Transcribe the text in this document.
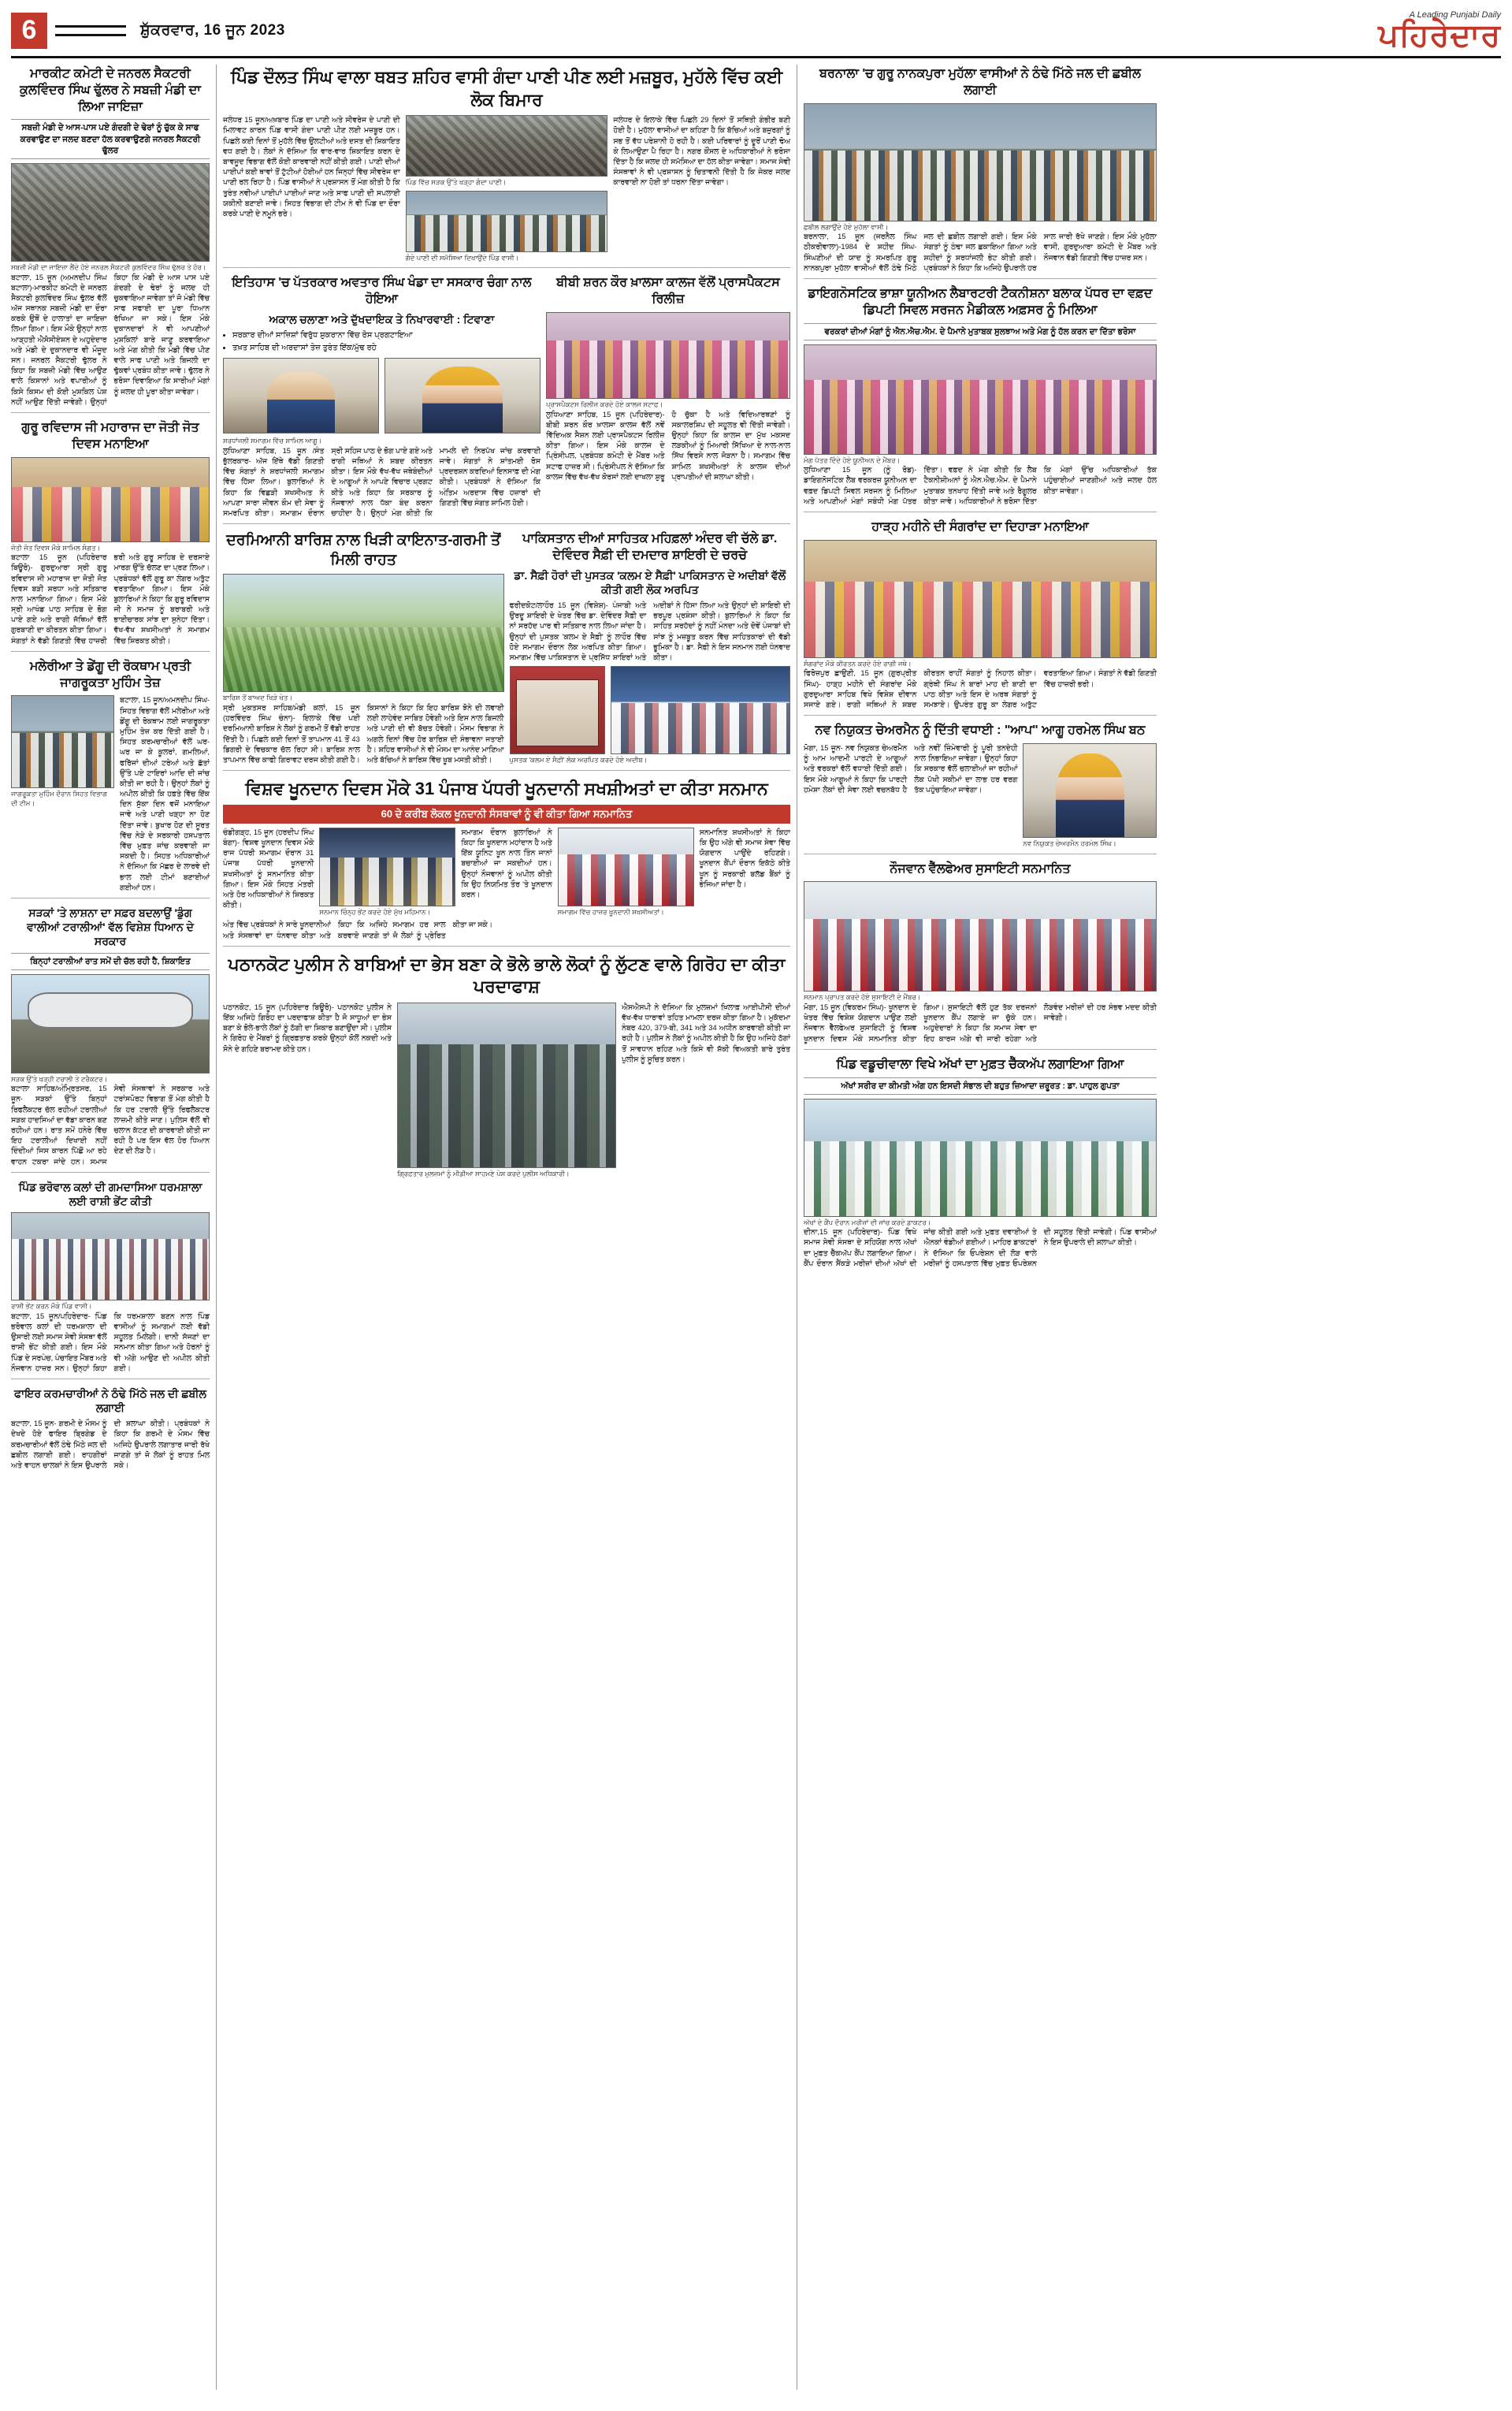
6	ਸ਼ੁੱਕਰਵਾਰ, 16 ਜੂਨ 2023
A Leading Punjabi Daily
ਪਹਿਰੇਦਾਰ
ਮਾਰਕੀਟ ਕਮੇਟੀ ਦੇ ਜਨਰਲ ਸੈਕਟਰੀ ਕੁਲਵਿੰਦਰ ਸਿੰਘ ਢੁੱਲਰ ਨੇ ਸਬਜ਼ੀ ਮੰਡੀ ਦਾ ਲਿਆ ਜਾਇਜ਼ਾ
ਸਬਜ਼ੀ ਮੰਡੀ ਦੇ ਆਸ-ਪਾਸ ਪਏ ਗੰਦਗੀ ਦੇ ਢੇਰਾਂ ਨੂੰ ਚੁੱਕ ਕੇ ਸਾਫ ਕਰਵਾਉਣ ਦਾ ਜਲਦ ਬਣਦਾ ਹੱਲ ਕਰਵਾਉਣਗੇ ਜਨਰਲ ਸੈਕਟਰੀ ਢੁੱਲਰ
ਸਬਜ਼ੀ ਮੰਡੀ ਦਾ ਜਾਇਜ਼ਾ ਲੈਂਦੇ ਹੋਏ ਜਨਰਲ ਸੈਕਟਰੀ ਕੁਲਵਿੰਦਰ ਸਿੰਘ ਢੁੱਲਰ ਤੇ ਹੋਰ।
ਬਟਾਲਾ, 15 ਜੂਨ (ਅਮਨਦੀਪ ਸਿੰਘ ਬਟਾਲਾ)-ਮਾਰਕੀਟ ਕਮੇਟੀ ਦੇ ਜਨਰਲ ਸੈਕਟਰੀ ਕੁਲਵਿੰਦਰ ਸਿੰਘ ਢੁੱਲਰ ਵੱਲੋਂ ਅੱਜ ਸਥਾਨਕ ਸਬਜ਼ੀ ਮੰਡੀ ਦਾ ਦੌਰਾ ਕਰਕੇ ਉਥੋਂ ਦੇ ਹਾਲਾਤਾਂ ਦਾ ਜਾਇਜ਼ਾ ਲਿਆ ਗਿਆ। ਇਸ ਮੌਕੇ ਉਨ੍ਹਾਂ ਨਾਲ ਆੜ੍ਹਤੀ ਐਸੋਸੀਏਸ਼ਨ ਦੇ ਅਹੁਦੇਦਾਰ ਅਤੇ ਮੰਡੀ ਦੇ ਦੁਕਾਨਦਾਰ ਵੀ ਮੌਜੂਦ ਸਨ। ਜਨਰਲ ਸੈਕਟਰੀ ਢੁੱਲਰ ਨੇ ਕਿਹਾ ਕਿ ਸਬਜ਼ੀ ਮੰਡੀ ਵਿੱਚ ਆਉਣ ਵਾਲੇ ਕਿਸਾਨਾਂ ਅਤੇ ਵਪਾਰੀਆਂ ਨੂੰ ਕਿਸੇ ਕਿਸਮ ਦੀ ਕੋਈ ਮੁਸ਼ਕਿਲ ਪੇਸ਼ ਨਹੀਂ ਆਉਣ ਦਿੱਤੀ ਜਾਵੇਗੀ। ਉਨ੍ਹਾਂ ਕਿਹਾ ਕਿ ਮੰਡੀ ਦੇ ਆਸ ਪਾਸ ਪਏ ਗੰਦਗੀ ਦੇ ਢੇਰਾਂ ਨੂੰ ਜਲਦ ਹੀ ਚੁਕਵਾਇਆ ਜਾਵੇਗਾ ਤਾਂ ਜੋ ਮੰਡੀ ਵਿੱਚ ਸਾਫ ਸਫਾਈ ਦਾ ਪੂਰਾ ਧਿਆਨ ਰੱਖਿਆ ਜਾ ਸਕੇ। ਇਸ ਮੌਕੇ ਦੁਕਾਨਦਾਰਾਂ ਨੇ ਵੀ ਆਪਣੀਆਂ ਮੁਸ਼ਕਿਲਾਂ ਬਾਰੇ ਜਾਣੂ ਕਰਵਾਇਆ ਅਤੇ ਮੰਗ ਕੀਤੀ ਕਿ ਮੰਡੀ ਵਿੱਚ ਪੀਣ ਵਾਲੇ ਸਾਫ ਪਾਣੀ ਅਤੇ ਬਿਜਲੀ ਦਾ ਢੁੱਕਵਾਂ ਪ੍ਰਬੰਧ ਕੀਤਾ ਜਾਵੇ। ਢੁੱਲਰ ਨੇ ਭਰੋਸਾ ਦਿਵਾਇਆ ਕਿ ਸਾਰੀਆਂ ਮੰਗਾਂ ਨੂੰ ਜਲਦ ਹੀ ਪੂਰਾ ਕੀਤਾ ਜਾਵੇਗਾ।
ਗੁਰੂ ਰਵਿਦਾਸ ਜੀ ਮਹਾਰਾਜ ਦਾ ਜੋਤੀ ਜੋਤ ਦਿਵਸ ਮਨਾਇਆ
ਜੋਤੀ ਜੋਤ ਦਿਵਸ ਮੌਕੇ ਸ਼ਾਮਿਲ ਸੰਗਤ।
ਬਟਾਲਾ 15 ਜੂਨ (ਪਹਿਰੇਦਾਰ ਬਿਊਰੋ)- ਗੁਰਦੁਆਰਾ ਸ੍ਰੀ ਗੁਰੂ ਰਵਿਦਾਸ ਜੀ ਮਹਾਰਾਜ ਦਾ ਜੋਤੀ ਜੋਤ ਦਿਵਸ ਬੜੀ ਸ਼ਰਧਾ ਅਤੇ ਸਤਿਕਾਰ ਨਾਲ ਮਨਾਇਆ ਗਿਆ। ਇਸ ਮੌਕੇ ਸ੍ਰੀ ਆਖੰਡ ਪਾਠ ਸਾਹਿਬ ਦੇ ਭੋਗ ਪਾਏ ਗਏ ਅਤੇ ਰਾਗੀ ਜੱਥਿਆਂ ਵੱਲੋਂ ਗੁਰਬਾਣੀ ਦਾ ਕੀਰਤਨ ਕੀਤਾ ਗਿਆ। ਸੰਗਤਾਂ ਨੇ ਵੱਡੀ ਗਿਣਤੀ ਵਿੱਚ ਹਾਜ਼ਰੀ ਭਰੀ ਅਤੇ ਗੁਰੂ ਸਾਹਿਬ ਦੇ ਦਰਸਾਏ ਮਾਰਗ ਉੱਤੇ ਚੱਲਣ ਦਾ ਪ੍ਰਣ ਲਿਆ। ਪ੍ਰਬੰਧਕਾਂ ਵੱਲੋਂ ਗੁਰੂ ਕਾ ਲੰਗਰ ਅਤੁੱਟ ਵਰਤਾਇਆ ਗਿਆ। ਇਸ ਮੌਕੇ ਬੁਲਾਰਿਆਂ ਨੇ ਕਿਹਾ ਕਿ ਗੁਰੂ ਰਵਿਦਾਸ ਜੀ ਨੇ ਸਮਾਜ ਨੂੰ ਬਰਾਬਰੀ ਅਤੇ ਭਾਈਚਾਰਕ ਸਾਂਝ ਦਾ ਸੁਨੇਹਾ ਦਿੱਤਾ। ਵੱਖ-ਵੱਖ ਸ਼ਖਸੀਅਤਾਂ ਨੇ ਸਮਾਗਮ ਵਿੱਚ ਸ਼ਿਰਕਤ ਕੀਤੀ।
ਮਲੇਰੀਆ ਤੇ ਡੇਂਗੂ ਦੀ ਰੋਕਥਾਮ ਪ੍ਰਤੀ ਜਾਗਰੂਕਤਾ ਮੁਹਿੰਮ ਤੇਜ਼
ਜਾਗਰੂਕਤਾ ਮੁਹਿੰਮ ਦੌਰਾਨ ਸਿਹਤ ਵਿਭਾਗ ਦੀ ਟੀਮ।
ਬਟਾਲਾ, 15 ਜੂਨ/ਅਮਨਦੀਪ ਸਿੰਘ- ਸਿਹਤ ਵਿਭਾਗ ਵੱਲੋਂ ਮਲੇਰੀਆ ਅਤੇ ਡੇਂਗੂ ਦੀ ਰੋਕਥਾਮ ਲਈ ਜਾਗਰੂਕਤਾ ਮੁਹਿੰਮ ਤੇਜ਼ ਕਰ ਦਿੱਤੀ ਗਈ ਹੈ। ਸਿਹਤ ਕਰਮਚਾਰੀਆਂ ਵੱਲੋਂ ਘਰ-ਘਰ ਜਾ ਕੇ ਕੂਲਰਾਂ, ਗਮਲਿਆਂ, ਫਰਿੱਜਾਂ ਦੀਆਂ ਟਰੇਆਂ ਅਤੇ ਛੱਤਾਂ ਉੱਤੇ ਪਏ ਟਾਇਰਾਂ ਆਦਿ ਦੀ ਜਾਂਚ ਕੀਤੀ ਜਾ ਰਹੀ ਹੈ। ਉਨ੍ਹਾਂ ਲੋਕਾਂ ਨੂੰ ਅਪੀਲ ਕੀਤੀ ਕਿ ਹਫ਼ਤੇ ਵਿੱਚ ਇੱਕ ਦਿਨ ਸੁੱਕਾ ਦਿਨ ਵਜੋਂ ਮਨਾਇਆ ਜਾਵੇ ਅਤੇ ਪਾਣੀ ਖੜ੍ਹਾ ਨਾ ਹੋਣ ਦਿੱਤਾ ਜਾਵੇ। ਬੁਖਾਰ ਹੋਣ ਦੀ ਸੂਰਤ ਵਿੱਚ ਨੇੜੇ ਦੇ ਸਰਕਾਰੀ ਹਸਪਤਾਲ ਵਿੱਚ ਮੁਫ਼ਤ ਜਾਂਚ ਕਰਵਾਈ ਜਾ ਸਕਦੀ ਹੈ। ਸਿਹਤ ਅਧਿਕਾਰੀਆਂ ਨੇ ਦੱਸਿਆ ਕਿ ਮੱਛਰ ਦੇ ਲਾਰਵੇ ਦੀ ਭਾਲ ਲਈ ਟੀਮਾਂ ਬਣਾਈਆਂ ਗਈਆਂ ਹਨ।
ਸੜਕਾਂ 'ਤੇ ਲਾਸ਼ਨਾ ਦਾ ਸਫ਼ਰ ਬਦਲਾਉਂ 'ਡੁੰਗ ਵਾਲੀਆਂ ਟਰਾਲੀਆਂ' ਵੱਲ ਵਿਸ਼ੇਸ਼ ਧਿਆਨ ਦੇ ਸਰਕਾਰ
ਬਿਨ੍ਹਾਂ ਟਰਾਲੀਆਂ ਰਾਤ ਸਮੇਂ ਦੀ ਚੱਲ ਰਹੀ ਹੈ, ਸ਼ਿਕਾਇਤ
ਸੜਕ ਉੱਤੇ ਖੜ੍ਹੀ ਟਰਾਲੀ ਤੇ ਟਰੈਕਟਰ।
ਬਟਾਲਾ ਸਾਹਿਬ/ਅੰਮ੍ਰਿਤਸਰ, 15 ਜੂਨ- ਸੜਕਾਂ ਉੱਤੇ ਬਿਨ੍ਹਾਂ ਰਿਫਲੈਕਟਰ ਚੱਲ ਰਹੀਆਂ ਟਰਾਲੀਆਂ ਸੜਕ ਹਾਦਸਿਆਂ ਦਾ ਵੱਡਾ ਕਾਰਨ ਬਣ ਰਹੀਆਂ ਹਨ। ਰਾਤ ਸਮੇਂ ਹਨੇਰੇ ਵਿੱਚ ਇਹ ਟਰਾਲੀਆਂ ਦਿਖਾਈ ਨਹੀਂ ਦਿੰਦੀਆਂ ਜਿਸ ਕਾਰਨ ਪਿੱਛੋਂ ਆ ਰਹੇ ਵਾਹਨ ਟਕਰਾ ਜਾਂਦੇ ਹਨ। ਸਮਾਜ ਸੇਵੀ ਸੰਸਥਾਵਾਂ ਨੇ ਸਰਕਾਰ ਅਤੇ ਟਰਾਂਸਪੋਰਟ ਵਿਭਾਗ ਤੋਂ ਮੰਗ ਕੀਤੀ ਹੈ ਕਿ ਹਰ ਟਰਾਲੀ ਉੱਤੇ ਰਿਫਲੈਕਟਰ ਲਾਜ਼ਮੀ ਕੀਤੇ ਜਾਣ। ਪੁਲਿਸ ਵੱਲੋਂ ਵੀ ਚਲਾਨ ਕੱਟਣ ਦੀ ਕਾਰਵਾਈ ਕੀਤੀ ਜਾ ਰਹੀ ਹੈ ਪਰ ਇਸ ਵੱਲ ਹੋਰ ਧਿਆਨ ਦੇਣ ਦੀ ਲੋੜ ਹੈ।
ਪਿੰਡ ਭਰੋਵਾਲ ਕਲਾਂ ਦੀ ਗਮਦਾਸਿਆ ਧਰਮਸ਼ਾਲਾ ਲਈ ਰਾਸ਼ੀ ਭੇਂਟ ਕੀਤੀ
ਰਾਸ਼ੀ ਭੇਂਟ ਕਰਨ ਮੌਕੇ ਪਿੰਡ ਵਾਸੀ।
ਬਟਾਲਾ, 15 ਜੂਨ/ਪਹਿਰੇਦਾਰ- ਪਿੰਡ ਭਰੋਵਾਲ ਕਲਾਂ ਦੀ ਧਰਮਸ਼ਾਲਾ ਦੀ ਉਸਾਰੀ ਲਈ ਸਮਾਜ ਸੇਵੀ ਸੰਸਥਾ ਵੱਲੋਂ ਰਾਸ਼ੀ ਭੇਂਟ ਕੀਤੀ ਗਈ। ਇਸ ਮੌਕੇ ਪਿੰਡ ਦੇ ਸਰਪੰਚ, ਪੰਚਾਇਤ ਮੈਂਬਰ ਅਤੇ ਨੌਜਵਾਨ ਹਾਜ਼ਰ ਸਨ। ਉਨ੍ਹਾਂ ਕਿਹਾ ਕਿ ਧਰਮਸ਼ਾਲਾ ਬਣਨ ਨਾਲ ਪਿੰਡ ਵਾਸੀਆਂ ਨੂੰ ਸਮਾਗਮਾਂ ਲਈ ਵੱਡੀ ਸਹੂਲਤ ਮਿਲੇਗੀ। ਦਾਨੀ ਸੱਜਣਾਂ ਦਾ ਸਨਮਾਨ ਕੀਤਾ ਗਿਆ ਅਤੇ ਹੋਰਨਾਂ ਨੂੰ ਵੀ ਅੱਗੇ ਆਉਣ ਦੀ ਅਪੀਲ ਕੀਤੀ ਗਈ।
ਫਾਇਰ ਕਰਮਚਾਰੀਆਂ ਨੇ ਠੰਢੇ ਮਿੱਠੇ ਜਲ ਦੀ ਛਬੀਲ ਲਗਾਈ
ਬਟਾਲਾ, 15 ਜੂਨ- ਗਰਮੀ ਦੇ ਮੌਸਮ ਨੂੰ ਦੇਖਦੇ ਹੋਏ ਫਾਇਰ ਬ੍ਰਿਗੇਡ ਦੇ ਕਰਮਚਾਰੀਆਂ ਵੱਲੋਂ ਠੰਢੇ ਮਿੱਠੇ ਜਲ ਦੀ ਛਬੀਲ ਲਗਾਈ ਗਈ। ਰਾਹਗੀਰਾਂ ਅਤੇ ਵਾਹਨ ਚਾਲਕਾਂ ਨੇ ਇਸ ਉਪਰਾਲੇ ਦੀ ਸ਼ਲਾਘਾ ਕੀਤੀ। ਪ੍ਰਬੰਧਕਾਂ ਨੇ ਕਿਹਾ ਕਿ ਗਰਮੀ ਦੇ ਮੌਸਮ ਵਿੱਚ ਅਜਿਹੇ ਉਪਰਾਲੇ ਲਗਾਤਾਰ ਜਾਰੀ ਰੱਖੇ ਜਾਣਗੇ ਤਾਂ ਜੋ ਲੋਕਾਂ ਨੂੰ ਰਾਹਤ ਮਿਲ ਸਕੇ।
ਪਿੰਡ ਦੌਲਤ ਸਿੰਘ ਵਾਲਾ ਥਬਤ ਸ਼ਹਿਰ ਵਾਸੀ ਗੰਦਾ ਪਾਣੀ ਪੀਣ ਲਈ ਮਜ਼ਬੂਰ, ਮੁਹੱਲੇ ਵਿੱਚ ਕਈ ਲੋਕ ਬਿਮਾਰ
ਜਲੰਧਰ 15 ਜੂਨ/ਅਖ਼ਬਾਰ ਪਿੰਡ ਦਾ ਪਾਣੀ ਅਤੇ ਸੀਵਰੇਜ ਦੇ ਪਾਣੀ ਦੀ ਮਿਲਾਵਟ ਕਾਰਨ ਪਿੰਡ ਵਾਸੀ ਗੰਦਾ ਪਾਣੀ ਪੀਣ ਲਈ ਮਜ਼ਬੂਰ ਹਨ। ਪਿਛਲੇ ਕਈ ਦਿਨਾਂ ਤੋਂ ਮੁਹੱਲੇ ਵਿੱਚ ਉਲਟੀਆਂ ਅਤੇ ਦਸਤ ਦੀ ਸ਼ਿਕਾਇਤ ਵਧ ਗਈ ਹੈ। ਲੋਕਾਂ ਨੇ ਦੱਸਿਆ ਕਿ ਵਾਰ-ਵਾਰ ਸ਼ਿਕਾਇਤ ਕਰਨ ਦੇ ਬਾਵਜੂਦ ਵਿਭਾਗ ਵੱਲੋਂ ਕੋਈ ਕਾਰਵਾਈ ਨਹੀਂ ਕੀਤੀ ਗਈ। ਪਾਣੀ ਦੀਆਂ ਪਾਈਪਾਂ ਕਈ ਥਾਵਾਂ ਤੋਂ ਟੁੱਟੀਆਂ ਹੋਈਆਂ ਹਨ ਜਿਨ੍ਹਾਂ ਵਿੱਚ ਸੀਵਰੇਜ ਦਾ ਪਾਣੀ ਰਲ ਰਿਹਾ ਹੈ। ਪਿੰਡ ਵਾਸੀਆਂ ਨੇ ਪ੍ਰਸ਼ਾਸਨ ਤੋਂ ਮੰਗ ਕੀਤੀ ਹੈ ਕਿ ਤੁਰੰਤ ਨਵੀਆਂ ਪਾਈਪਾਂ ਪਾਈਆਂ ਜਾਣ ਅਤੇ ਸਾਫ ਪਾਣੀ ਦੀ ਸਪਲਾਈ ਯਕੀਨੀ ਬਣਾਈ ਜਾਵੇ। ਸਿਹਤ ਵਿਭਾਗ ਦੀ ਟੀਮ ਨੇ ਵੀ ਪਿੰਡ ਦਾ ਦੌਰਾ ਕਰਕੇ ਪਾਣੀ ਦੇ ਨਮੂਨੇ ਭਰੇ।
ਪਿੰਡ ਵਿੱਚ ਸੜਕ ਉੱਤੇ ਖੜ੍ਹਾ ਗੰਦਾ ਪਾਣੀ।
ਗੰਦੇ ਪਾਣੀ ਦੀ ਸਮੱਸਿਆ ਦਿਖਾਉਂਦੇ ਪਿੰਡ ਵਾਸੀ।
ਜਲੰਧਰ ਦੇ ਇਲਾਕੇ ਵਿੱਚ ਪਿਛਲੇ 29 ਦਿਨਾਂ ਤੋਂ ਸਥਿਤੀ ਗੰਭੀਰ ਬਣੀ ਹੋਈ ਹੈ। ਮੁਹੱਲਾ ਵਾਸੀਆਂ ਦਾ ਕਹਿਣਾ ਹੈ ਕਿ ਬੱਚਿਆਂ ਅਤੇ ਬਜ਼ੁਰਗਾਂ ਨੂੰ ਸਭ ਤੋਂ ਵੱਧ ਪਰੇਸ਼ਾਨੀ ਹੋ ਰਹੀ ਹੈ। ਕਈ ਪਰਿਵਾਰਾਂ ਨੂੰ ਦੂਰੋਂ ਪਾਣੀ ਢੋਅ ਕੇ ਲਿਆਉਣਾ ਪੈ ਰਿਹਾ ਹੈ। ਨਗਰ ਕੌਂਸਲ ਦੇ ਅਧਿਕਾਰੀਆਂ ਨੇ ਭਰੋਸਾ ਦਿੱਤਾ ਹੈ ਕਿ ਜਲਦ ਹੀ ਸਮੱਸਿਆ ਦਾ ਹੱਲ ਕੀਤਾ ਜਾਵੇਗਾ। ਸਮਾਜ ਸੇਵੀ ਸੰਸਥਾਵਾਂ ਨੇ ਵੀ ਪ੍ਰਸ਼ਾਸਨ ਨੂੰ ਚਿਤਾਵਨੀ ਦਿੱਤੀ ਹੈ ਕਿ ਜੇਕਰ ਜਲਦ ਕਾਰਵਾਈ ਨਾ ਹੋਈ ਤਾਂ ਧਰਨਾ ਦਿੱਤਾ ਜਾਵੇਗਾ।
ਇਤਿਹਾਸ 'ਚ ਪੱਤਰਕਾਰ ਅਵਤਾਰ ਸਿੰਘ ਖੰਡਾ ਦਾ ਸਸਕਾਰ ਚੰਗਾ ਨਾਲ ਹੋਇਆ
ਅਕਾਲ ਚਲਾਣਾ ਅਤੇ ਦੁੱਖਦਾਇਕ ਤੇ ਨਿਖਾਰਵਾਈ : ਟਿਵਾਣਾ
• ਸਰਕਾਰ ਦੀਆਂ ਸਾਜ਼ਿਸ਼ਾਂ ਵਿਰੁੱਧ ਸ਼ੁਕਰਾਨਾ ਵਿੱਚ ਰੋਸ ਪ੍ਰਗਟਾਇਆ
• ਤਖ਼ਤ ਸਾਹਿਬ ਦੀ ਅਰਦਾਸਾਂ ਤੇਜ਼ ਤੁਰੰਤ ਇੱਕ/ਮੁੱਢ ਰਹੇ
ਸ਼ਰਧਾਂਜਲੀ ਸਮਾਗਮ ਵਿੱਚ ਸ਼ਾਮਿਲ ਆਗੂ।
ਲੁਧਿਆਣਾ ਸਾਹਿਬ, 15 ਜੂਨ /ਸੰਤ ਭੁੱਲਰਕਾਰ- ਅੱਜ ਇੱਥੇ ਵੱਡੀ ਗਿਣਤੀ ਵਿੱਚ ਸੰਗਤਾਂ ਨੇ ਸ਼ਰਧਾਂਜਲੀ ਸਮਾਗਮ ਵਿੱਚ ਹਿੱਸਾ ਲਿਆ। ਬੁਲਾਰਿਆਂ ਨੇ ਕਿਹਾ ਕਿ ਵਿਛੜੀ ਸ਼ਖਸੀਅਤ ਨੇ ਆਪਣਾ ਸਾਰਾ ਜੀਵਨ ਕੌਮ ਦੀ ਸੇਵਾ ਨੂੰ ਸਮਰਪਿਤ ਕੀਤਾ। ਸਮਾਗਮ ਦੌਰਾਨ ਸ੍ਰੀ ਸਹਿਜ ਪਾਠ ਦੇ ਭੋਗ ਪਾਏ ਗਏ ਅਤੇ ਰਾਗੀ ਜਥਿਆਂ ਨੇ ਸ਼ਬਦ ਕੀਰਤਨ ਕੀਤਾ। ਇਸ ਮੌਕੇ ਵੱਖ-ਵੱਖ ਜਥੇਬੰਦੀਆਂ ਦੇ ਆਗੂਆਂ ਨੇ ਆਪਣੇ ਵਿਚਾਰ ਪ੍ਰਗਟ ਕੀਤੇ ਅਤੇ ਕਿਹਾ ਕਿ ਸਰਕਾਰ ਨੂੰ ਨੌਜਵਾਨਾਂ ਨਾਲ ਧੱਕਾ ਬੰਦ ਕਰਨਾ ਚਾਹੀਦਾ ਹੈ। ਉਨ੍ਹਾਂ ਮੰਗ ਕੀਤੀ ਕਿ ਮਾਮਲੇ ਦੀ ਨਿਰਪੱਖ ਜਾਂਚ ਕਰਵਾਈ ਜਾਵੇ। ਸੰਗਤਾਂ ਨੇ ਸ਼ਾਂਤਮਈ ਰੋਸ ਪ੍ਰਦਰਸ਼ਨ ਕਰਦਿਆਂ ਇਨਸਾਫ਼ ਦੀ ਮੰਗ ਕੀਤੀ। ਪ੍ਰਬੰਧਕਾਂ ਨੇ ਦੱਸਿਆ ਕਿ ਅੰਤਿਮ ਅਰਦਾਸ ਵਿੱਚ ਹਜ਼ਾਰਾਂ ਦੀ ਗਿਣਤੀ ਵਿੱਚ ਸੰਗਤ ਸ਼ਾਮਿਲ ਹੋਈ।
ਬੀਬੀ ਸ਼ਰਨ ਕੌਰ ਖ਼ਾਲਸਾ ਕਾਲਜ ਵੱਲੋਂ ਪ੍ਰਾਸਪੈਕਟਸ ਰਿਲੀਜ਼
ਪ੍ਰਾਸਪੈਕਟਸ ਰਿਲੀਜ਼ ਕਰਦੇ ਹੋਏ ਕਾਲਜ ਸਟਾਫ।
ਲੁਧਿਆਣਾ ਸਾਹਿਬ, 15 ਜੂਨ (ਪਹਿਰੇਦਾਰ)- ਬੀਬੀ ਸ਼ਰਨ ਕੌਰ ਖ਼ਾਲਸਾ ਕਾਲਜ ਵੱਲੋਂ ਨਵੇਂ ਵਿੱਦਿਅਕ ਸੈਸ਼ਨ ਲਈ ਪ੍ਰਾਸਪੈਕਟਸ ਰਿਲੀਜ਼ ਕੀਤਾ ਗਿਆ। ਇਸ ਮੌਕੇ ਕਾਲਜ ਦੇ ਪ੍ਰਿੰਸੀਪਲ, ਪ੍ਰਬੰਧਕ ਕਮੇਟੀ ਦੇ ਮੈਂਬਰ ਅਤੇ ਸਟਾਫ ਹਾਜ਼ਰ ਸੀ। ਪ੍ਰਿੰਸੀਪਲ ਨੇ ਦੱਸਿਆ ਕਿ ਕਾਲਜ ਵਿੱਚ ਵੱਖ-ਵੱਖ ਕੋਰਸਾਂ ਲਈ ਦਾਖਲਾ ਸ਼ੁਰੂ ਹੋ ਚੁੱਕਾ ਹੈ ਅਤੇ ਵਿਦਿਆਰਥਣਾਂ ਨੂੰ ਸਕਾਲਰਸ਼ਿਪ ਦੀ ਸਹੂਲਤ ਵੀ ਦਿੱਤੀ ਜਾਵੇਗੀ। ਉਨ੍ਹਾਂ ਕਿਹਾ ਕਿ ਕਾਲਜ ਦਾ ਮੁੱਖ ਮਕਸਦ ਲੜਕੀਆਂ ਨੂੰ ਮਿਆਰੀ ਸਿੱਖਿਆ ਦੇ ਨਾਲ-ਨਾਲ ਸਿੱਖ ਵਿਰਸੇ ਨਾਲ ਜੋੜਨਾ ਹੈ। ਸਮਾਗਮ ਵਿੱਚ ਸ਼ਾਮਿਲ ਸ਼ਖਸੀਅਤਾਂ ਨੇ ਕਾਲਜ ਦੀਆਂ ਪ੍ਰਾਪਤੀਆਂ ਦੀ ਸ਼ਲਾਘਾ ਕੀਤੀ।
ਦਰਮਿਆਨੀ ਬਾਰਿਸ਼ ਨਾਲ ਖਿੜੀ ਕਾਇਨਾਤ-ਗਰਮੀ ਤੋਂ ਮਿਲੀ ਰਾਹਤ
ਬਾਰਿਸ਼ ਤੋਂ ਬਾਅਦ ਖਿੜੇ ਖੇਤ।
ਸ੍ਰੀ ਮੁਕਤਸਰ ਸਾਹਿਬ/ਮੰਡੀ ਕਲਾਂ, 15 ਜੂਨ (ਹਰਵਿੰਦਰ ਸਿੰਘ ਚੰਨਾ)- ਇਲਾਕੇ ਵਿੱਚ ਪਈ ਦਰਮਿਆਨੀ ਬਾਰਿਸ਼ ਨੇ ਲੋਕਾਂ ਨੂੰ ਗਰਮੀ ਤੋਂ ਵੱਡੀ ਰਾਹਤ ਦਿੱਤੀ ਹੈ। ਪਿਛਲੇ ਕਈ ਦਿਨਾਂ ਤੋਂ ਤਾਪਮਾਨ 41 ਤੋਂ 43 ਡਿਗਰੀ ਦੇ ਵਿਚਕਾਰ ਚੱਲ ਰਿਹਾ ਸੀ। ਬਾਰਿਸ਼ ਨਾਲ ਤਾਪਮਾਨ ਵਿੱਚ ਕਾਫੀ ਗਿਰਾਵਟ ਦਰਜ ਕੀਤੀ ਗਈ ਹੈ। ਕਿਸਾਨਾਂ ਨੇ ਕਿਹਾ ਕਿ ਇਹ ਬਾਰਿਸ਼ ਝੋਨੇ ਦੀ ਲਵਾਈ ਲਈ ਲਾਹੇਵੰਦ ਸਾਬਿਤ ਹੋਵੇਗੀ ਅਤੇ ਇਸ ਨਾਲ ਬਿਜਲੀ ਅਤੇ ਪਾਣੀ ਦੀ ਵੀ ਬੱਚਤ ਹੋਵੇਗੀ। ਮੌਸਮ ਵਿਭਾਗ ਨੇ ਅਗਲੇ ਦਿਨਾਂ ਵਿੱਚ ਹੋਰ ਬਾਰਿਸ਼ ਦੀ ਸੰਭਾਵਨਾ ਜਤਾਈ ਹੈ। ਸ਼ਹਿਰ ਵਾਸੀਆਂ ਨੇ ਵੀ ਮੌਸਮ ਦਾ ਆਨੰਦ ਮਾਣਿਆ ਅਤੇ ਬੱਚਿਆਂ ਨੇ ਬਾਰਿਸ਼ ਵਿੱਚ ਖੂਬ ਮਸਤੀ ਕੀਤੀ।
ਪਾਕਿਸਤਾਨ ਦੀਆਂ ਸਾਹਿਤਕ ਮਹਿਫ਼ਲਾਂ ਅੰਦਰ ਵੀ ਚੱਲੇ ਡਾ. ਦੇਵਿੰਦਰ ਸੈਫ਼ੀ ਦੀ ਦਮਦਾਰ ਸ਼ਾਇਰੀ ਦੇ ਚਰਚੇ
ਡਾ. ਸੈਫ਼ੀ ਹੋਰਾਂ ਦੀ ਪੁਸਤਕ 'ਕਲਮ ਏ ਸੈਫ਼ੀ' ਪਾਕਿਸਤਾਨ ਦੇ ਅਦੀਬਾਂ ਵੱਲੋਂ ਕੀਤੀ ਗਈ ਲੋਕ ਅਰਪਿਤ
ਫਰੀਦਕੋਟ/ਲਾਹੌਰ 15 ਜੂਨ (ਵਿਸ਼ੇਸ਼)- ਪੰਜਾਬੀ ਅਤੇ ਉਰਦੂ ਸ਼ਾਇਰੀ ਦੇ ਖੇਤਰ ਵਿੱਚ ਡਾ. ਦੇਵਿੰਦਰ ਸੈਫ਼ੀ ਦਾ ਨਾਂ ਸਰਹੱਦ ਪਾਰ ਵੀ ਸਤਿਕਾਰ ਨਾਲ ਲਿਆ ਜਾਂਦਾ ਹੈ। ਉਨ੍ਹਾਂ ਦੀ ਪੁਸਤਕ 'ਕਲਮ ਏ ਸੈਫ਼ੀ' ਨੂੰ ਲਾਹੌਰ ਵਿੱਚ ਹੋਏ ਸਮਾਗਮ ਦੌਰਾਨ ਲੋਕ ਅਰਪਿਤ ਕੀਤਾ ਗਿਆ। ਸਮਾਗਮ ਵਿੱਚ ਪਾਕਿਸਤਾਨ ਦੇ ਪ੍ਰਸਿੱਧ ਸ਼ਾਇਰਾਂ ਅਤੇ ਅਦੀਬਾਂ ਨੇ ਹਿੱਸਾ ਲਿਆ ਅਤੇ ਉਨ੍ਹਾਂ ਦੀ ਸ਼ਾਇਰੀ ਦੀ ਭਰਪੂਰ ਪ੍ਰਸ਼ੰਸਾ ਕੀਤੀ। ਬੁਲਾਰਿਆਂ ਨੇ ਕਿਹਾ ਕਿ ਸਾਹਿਤ ਸਰਹੱਦਾਂ ਨੂੰ ਨਹੀਂ ਮੰਨਦਾ ਅਤੇ ਦੋਵੇਂ ਪੰਜਾਬਾਂ ਦੀ ਸਾਂਝ ਨੂੰ ਮਜ਼ਬੂਤ ਕਰਨ ਵਿੱਚ ਸਾਹਿਤਕਾਰਾਂ ਦੀ ਵੱਡੀ ਭੂਮਿਕਾ ਹੈ। ਡਾ. ਸੈਫ਼ੀ ਨੇ ਇਸ ਸਨਮਾਨ ਲਈ ਧੰਨਵਾਦ ਕੀਤਾ।
ਪੁਸਤਕ 'ਕਲਮ ਏ ਸੈਫ਼ੀ' ਲੋਕ ਅਰਪਿਤ ਕਰਦੇ ਹੋਏ ਅਦੀਬ।
ਵਿਸ਼ਵ ਖੂਨਦਾਨ ਦਿਵਸ ਮੌਕੇ 31 ਪੰਜਾਬ ਪੱਧਰੀ ਖੂਨਦਾਨੀ ਸਖਸ਼ੀਅਤਾਂ ਦਾ ਕੀਤਾ ਸਨਮਾਨ
60 ਦੇ ਕਰੀਬ ਲੋਕਲ ਖੂਨਦਾਨੀ ਸੰਸਥਾਵਾਂ ਨੂੰ ਵੀ ਕੀਤਾ ਗਿਆ ਸਨਮਾਨਿਤ
ਚੰਡੀਗੜ੍ਹ, 15 ਜੂਨ (ਹਰਦੀਪ ਸਿੰਘ ਬੰਗਾ)- ਵਿਸ਼ਵ ਖੂਨਦਾਨ ਦਿਵਸ ਮੌਕੇ ਰਾਜ ਪੱਧਰੀ ਸਮਾਗਮ ਦੌਰਾਨ 31 ਪੰਜਾਬ ਪੱਧਰੀ ਖੂਨਦਾਨੀ ਸ਼ਖਸੀਅਤਾਂ ਨੂੰ ਸਨਮਾਨਿਤ ਕੀਤਾ ਗਿਆ। ਇਸ ਮੌਕੇ ਸਿਹਤ ਮੰਤਰੀ ਅਤੇ ਹੋਰ ਅਧਿਕਾਰੀਆਂ ਨੇ ਸ਼ਿਰਕਤ ਕੀਤੀ।
ਸਨਮਾਨ ਚਿੰਨ੍ਹ ਭੇਂਟ ਕਰਦੇ ਹੋਏ ਮੁੱਖ ਮਹਿਮਾਨ।
ਸਮਾਗਮ ਦੌਰਾਨ ਬੁਲਾਰਿਆਂ ਨੇ ਕਿਹਾ ਕਿ ਖੂਨਦਾਨ ਮਹਾਂਦਾਨ ਹੈ ਅਤੇ ਇੱਕ ਯੂਨਿਟ ਖੂਨ ਨਾਲ ਤਿੰਨ ਜਾਨਾਂ ਬਚਾਈਆਂ ਜਾ ਸਕਦੀਆਂ ਹਨ। ਉਨ੍ਹਾਂ ਨੌਜਵਾਨਾਂ ਨੂੰ ਅਪੀਲ ਕੀਤੀ ਕਿ ਉਹ ਨਿਯਮਿਤ ਤੌਰ 'ਤੇ ਖੂਨਦਾਨ ਕਰਨ।
ਸਮਾਗਮ ਵਿੱਚ ਹਾਜ਼ਰ ਖੂਨਦਾਨੀ ਸ਼ਖਸੀਅਤਾਂ।
ਸਨਮਾਨਿਤ ਸ਼ਖਸੀਅਤਾਂ ਨੇ ਕਿਹਾ ਕਿ ਉਹ ਅੱਗੇ ਵੀ ਸਮਾਜ ਸੇਵਾ ਵਿੱਚ ਯੋਗਦਾਨ ਪਾਉਂਦੇ ਰਹਿਣਗੇ। ਖੂਨਦਾਨ ਕੈਂਪਾਂ ਦੌਰਾਨ ਇਕੱਠੇ ਕੀਤੇ ਖੂਨ ਨੂੰ ਸਰਕਾਰੀ ਬਲੱਡ ਬੈਂਕਾਂ ਨੂੰ ਭੇਜਿਆ ਜਾਂਦਾ ਹੈ।
ਅੰਤ ਵਿੱਚ ਪ੍ਰਬੰਧਕਾਂ ਨੇ ਸਾਰੇ ਖੂਨਦਾਨੀਆਂ ਅਤੇ ਸੰਸਥਾਵਾਂ ਦਾ ਧੰਨਵਾਦ ਕੀਤਾ ਅਤੇ ਕਿਹਾ ਕਿ ਅਜਿਹੇ ਸਮਾਗਮ ਹਰ ਸਾਲ ਕਰਵਾਏ ਜਾਣਗੇ ਤਾਂ ਜੋ ਲੋਕਾਂ ਨੂੰ ਪ੍ਰੇਰਿਤ ਕੀਤਾ ਜਾ ਸਕੇ।
ਪਠਾਨਕੋਟ ਪੁਲੀਸ ਨੇ ਬਾਬਿਆਂ ਦਾ ਭੇਸ ਬਣਾ ਕੇ ਭੋਲੇ ਭਾਲੇ ਲੋਕਾਂ ਨੂੰ ਲੁੱਟਣ ਵਾਲੇ ਗਿਰੋਹ ਦਾ ਕੀਤਾ ਪਰਦਾਫਾਸ਼
ਪਠਾਨਕੋਟ, 15 ਜੂਨ (ਪਹਿਰੇਦਾਰ ਬਿਊਰੋ)- ਪਠਾਨਕੋਟ ਪੁਲੀਸ ਨੇ ਇੱਕ ਅਜਿਹੇ ਗਿਰੋਹ ਦਾ ਪਰਦਾਫਾਸ਼ ਕੀਤਾ ਹੈ ਜੋ ਸਾਧੂਆਂ ਦਾ ਭੇਸ ਬਣਾ ਕੇ ਭੋਲੇ-ਭਾਲੇ ਲੋਕਾਂ ਨੂੰ ਠੱਗੀ ਦਾ ਸ਼ਿਕਾਰ ਬਣਾਉਂਦਾ ਸੀ। ਪੁਲੀਸ ਨੇ ਗਿਰੋਹ ਦੇ ਮੈਂਬਰਾਂ ਨੂੰ ਗ੍ਰਿਫ਼ਤਾਰ ਕਰਕੇ ਉਨ੍ਹਾਂ ਕੋਲੋਂ ਨਕਦੀ ਅਤੇ ਸੋਨੇ ਦੇ ਗਹਿਣੇ ਬਰਾਮਦ ਕੀਤੇ ਹਨ।
ਗ੍ਰਿਫ਼ਤਾਰ ਮੁਲਜ਼ਮਾਂ ਨੂੰ ਮੀਡੀਆ ਸਾਹਮਣੇ ਪੇਸ਼ ਕਰਦੇ ਪੁਲੀਸ ਅਧਿਕਾਰੀ।
ਐਸਐਸਪੀ ਨੇ ਦੱਸਿਆ ਕਿ ਮੁਲਜ਼ਮਾਂ ਖ਼ਿਲਾਫ਼ ਆਈਪੀਸੀ ਦੀਆਂ ਵੱਖ-ਵੱਖ ਧਾਰਾਵਾਂ ਤਹਿਤ ਮਾਮਲਾ ਦਰਜ ਕੀਤਾ ਗਿਆ ਹੈ। ਮੁਕੱਦਮਾ ਨੰਬਰ 420, 379-ਬੀ, 341 ਅਤੇ 34 ਅਧੀਨ ਕਾਰਵਾਈ ਕੀਤੀ ਜਾ ਰਹੀ ਹੈ। ਪੁਲੀਸ ਨੇ ਲੋਕਾਂ ਨੂੰ ਅਪੀਲ ਕੀਤੀ ਹੈ ਕਿ ਉਹ ਅਜਿਹੇ ਠੱਗਾਂ ਤੋਂ ਸਾਵਧਾਨ ਰਹਿਣ ਅਤੇ ਕਿਸੇ ਵੀ ਸ਼ੱਕੀ ਵਿਅਕਤੀ ਬਾਰੇ ਤੁਰੰਤ ਪੁਲੀਸ ਨੂੰ ਸੂਚਿਤ ਕਰਨ।
ਬਰਨਾਲਾ 'ਚ ਗੁਰੂ ਨਾਨਕਪੁਰਾ ਮੁਹੱਲਾ ਵਾਸੀਆਂ ਨੇ ਠੰਢੇ ਮਿੱਠੇ ਜਲ ਦੀ ਛਬੀਲ ਲਗਾਈ
ਛਬੀਲ ਲਗਾਉਂਦੇ ਹੋਏ ਮੁਹੱਲਾ ਵਾਸੀ।
ਬਰਨਾਲਾ, 15 ਜੂਨ (ਜਰਨੈਲ ਸਿੰਘ ਠੀਕਰੀਵਾਲਾ)-1984 ਦੇ ਸ਼ਹੀਦ ਸਿੰਘ-ਸਿੰਘਣੀਆਂ ਦੀ ਯਾਦ ਨੂੰ ਸਮਰਪਿਤ ਗੁਰੂ ਨਾਨਕਪੁਰਾ ਮੁਹੱਲਾ ਵਾਸੀਆਂ ਵੱਲੋਂ ਠੰਢੇ ਮਿੱਠੇ ਜਲ ਦੀ ਛਬੀਲ ਲਗਾਈ ਗਈ। ਇਸ ਮੌਕੇ ਸੰਗਤਾਂ ਨੂੰ ਠੰਢਾ ਜਲ ਛਕਾਇਆ ਗਿਆ ਅਤੇ ਸ਼ਹੀਦਾਂ ਨੂੰ ਸ਼ਰਧਾਂਜਲੀ ਭੇਟ ਕੀਤੀ ਗਈ। ਪ੍ਰਬੰਧਕਾਂ ਨੇ ਕਿਹਾ ਕਿ ਅਜਿਹੇ ਉਪਰਾਲੇ ਹਰ ਸਾਲ ਜਾਰੀ ਰੱਖੇ ਜਾਣਗੇ। ਇਸ ਮੌਕੇ ਮੁਹੱਲਾ ਵਾਸੀ, ਗੁਰਦੁਆਰਾ ਕਮੇਟੀ ਦੇ ਮੈਂਬਰ ਅਤੇ ਨੌਜਵਾਨ ਵੱਡੀ ਗਿਣਤੀ ਵਿੱਚ ਹਾਜ਼ਰ ਸਨ।
ਡਾਇਗਨੋਸਟਿਕ ਭਾਸ਼ਾ ਯੂਨੀਅਨ ਲੈਬਾਰਟਰੀ ਟੈਕਨੀਸ਼ਨਾ ਬਲਾਕ ਪੱਧਰ ਦਾ ਵਫ਼ਦ ਡਿਪਟੀ ਸਿਵਲ ਸਰਜਨ ਮੈਡੀਕਲ ਅਫ਼ਸਰ ਨੂੰ ਮਿਲਿਆ
ਵਰਕਰਾਂ ਦੀਆਂ ਮੰਗਾਂ ਨੂੰ ਐਨ.ਐਚ.ਐਮ. ਦੇ ਪੈਮਾਨੇ ਮੁਤਾਬਕ ਸੁਲਝਾਅ ਅਤੇ ਮੰਗ ਨੂੰ ਹੱਲ ਕਰਨ ਦਾ ਦਿੱਤਾ ਭਰੋਸਾ
ਮੰਗ ਪੱਤਰ ਦਿੰਦੇ ਹੋਏ ਯੂਨੀਅਨ ਦੇ ਮੈਂਬਰ।
ਲੁਧਿਆਣਾ 15 ਜੂਨ (ਨੂੰ ਰੋਡ)- ਡਾਇਗਨੋਸਟਿਕ ਲੈਬ ਵਰਕਰਜ਼ ਯੂਨੀਅਨ ਦਾ ਵਫ਼ਦ ਡਿਪਟੀ ਸਿਵਲ ਸਰਜਨ ਨੂੰ ਮਿਲਿਆ ਅਤੇ ਆਪਣੀਆਂ ਮੰਗਾਂ ਸਬੰਧੀ ਮੰਗ ਪੱਤਰ ਦਿੱਤਾ। ਵਫ਼ਦ ਨੇ ਮੰਗ ਕੀਤੀ ਕਿ ਲੈਬ ਟੈਕਨੀਸ਼ੀਅਨਾਂ ਨੂੰ ਐਨ.ਐਚ.ਐਮ. ਦੇ ਪੈਮਾਨੇ ਮੁਤਾਬਕ ਤਨਖਾਹ ਦਿੱਤੀ ਜਾਵੇ ਅਤੇ ਰੈਗੂਲਰ ਕੀਤਾ ਜਾਵੇ। ਅਧਿਕਾਰੀਆਂ ਨੇ ਭਰੋਸਾ ਦਿੱਤਾ ਕਿ ਮੰਗਾਂ ਉੱਚ ਅਧਿਕਾਰੀਆਂ ਤੱਕ ਪਹੁੰਚਾਈਆਂ ਜਾਣਗੀਆਂ ਅਤੇ ਜਲਦ ਹੱਲ ਕੀਤਾ ਜਾਵੇਗਾ।
ਹਾੜ੍ਹ ਮਹੀਨੇ ਦੀ ਸੰਗਰਾਂਦ ਦਾ ਦਿਹਾੜਾ ਮਨਾਇਆ
ਸੰਗਰਾਂਦ ਮੌਕੇ ਕੀਰਤਨ ਕਰਦੇ ਹੋਏ ਰਾਗੀ ਜਥੇ।
ਫਿਰੋਜ਼ਪੁਰ ਛਾਉਣੀ, 15 ਜੂਨ (ਗੁਰਪ੍ਰੀਤ ਸਿੰਘ)- ਹਾੜ੍ਹ ਮਹੀਨੇ ਦੀ ਸੰਗਰਾਂਦ ਮੌਕੇ ਗੁਰਦੁਆਰਾ ਸਾਹਿਬ ਵਿਖੇ ਵਿਸ਼ੇਸ਼ ਦੀਵਾਨ ਸਜਾਏ ਗਏ। ਰਾਗੀ ਜਥਿਆਂ ਨੇ ਸ਼ਬਦ ਕੀਰਤਨ ਰਾਹੀਂ ਸੰਗਤਾਂ ਨੂੰ ਨਿਹਾਲ ਕੀਤਾ। ਗ੍ਰੰਥੀ ਸਿੰਘ ਨੇ ਬਾਰਾਂ ਮਾਹ ਦੀ ਬਾਣੀ ਦਾ ਪਾਠ ਕੀਤਾ ਅਤੇ ਇਸ ਦੇ ਅਰਥ ਸੰਗਤਾਂ ਨੂੰ ਸਮਝਾਏ। ਉਪਰੰਤ ਗੁਰੂ ਕਾ ਲੰਗਰ ਅਤੁੱਟ ਵਰਤਾਇਆ ਗਿਆ। ਸੰਗਤਾਂ ਨੇ ਵੱਡੀ ਗਿਣਤੀ ਵਿੱਚ ਹਾਜ਼ਰੀ ਭਰੀ।
ਨਵ ਨਿਯੁਕਤ ਚੇਅਰਮੈਨ ਨੂੰ ਦਿੱਤੀ ਵਧਾਈ : "ਆਪ" ਆਗੂ ਹਰਮੇਲ ਸਿੰਘ ਬਠ
ਮੋਗਾ, 15 ਜੂਨ- ਨਵ ਨਿਯੁਕਤ ਚੇਅਰਮੈਨ ਨੂੰ ਆਮ ਆਦਮੀ ਪਾਰਟੀ ਦੇ ਆਗੂਆਂ ਅਤੇ ਵਰਕਰਾਂ ਵੱਲੋਂ ਵਧਾਈ ਦਿੱਤੀ ਗਈ। ਇਸ ਮੌਕੇ ਆਗੂਆਂ ਨੇ ਕਿਹਾ ਕਿ ਪਾਰਟੀ ਹਮੇਸ਼ਾ ਲੋਕਾਂ ਦੀ ਸੇਵਾ ਲਈ ਵਚਨਬੱਧ ਹੈ ਅਤੇ ਨਵੀਂ ਜ਼ਿੰਮੇਵਾਰੀ ਨੂੰ ਪੂਰੀ ਤਨਦੇਹੀ ਨਾਲ ਨਿਭਾਇਆ ਜਾਵੇਗਾ। ਉਨ੍ਹਾਂ ਕਿਹਾ ਕਿ ਸਰਕਾਰ ਵੱਲੋਂ ਚਲਾਈਆਂ ਜਾ ਰਹੀਆਂ ਲੋਕ ਪੱਖੀ ਸਕੀਮਾਂ ਦਾ ਲਾਭ ਹਰ ਵਰਗ ਤੱਕ ਪਹੁੰਚਾਇਆ ਜਾਵੇਗਾ।
ਨਵ ਨਿਯੁਕਤ ਚੇਅਰਮੈਨ ਹਰਮੇਲ ਸਿੰਘ।
ਨੌਜਵਾਨ ਵੈੱਲਫੇਅਰ ਸੁਸਾਇਟੀ ਸਨਮਾਨਿਤ
ਸਨਮਾਨ ਪ੍ਰਾਪਤ ਕਰਦੇ ਹੋਏ ਸੁਸਾਇਟੀ ਦੇ ਮੈਂਬਰ।
ਮੋਗਾ, 15 ਜੂਨ (ਵਿਕਰਮ ਸਿੰਘ)- ਖੂਨਦਾਨ ਦੇ ਖੇਤਰ ਵਿੱਚ ਵਿਸ਼ੇਸ਼ ਯੋਗਦਾਨ ਪਾਉਣ ਲਈ ਨੌਜਵਾਨ ਵੈੱਲਫੇਅਰ ਸੁਸਾਇਟੀ ਨੂੰ ਵਿਸ਼ਵ ਖੂਨਦਾਨ ਦਿਵਸ ਮੌਕੇ ਸਨਮਾਨਿਤ ਕੀਤਾ ਗਿਆ। ਸੁਸਾਇਟੀ ਵੱਲੋਂ ਹੁਣ ਤੱਕ ਦਰਜਨਾਂ ਖੂਨਦਾਨ ਕੈਂਪ ਲਗਾਏ ਜਾ ਚੁੱਕੇ ਹਨ। ਅਹੁਦੇਦਾਰਾਂ ਨੇ ਕਿਹਾ ਕਿ ਸਮਾਜ ਸੇਵਾ ਦਾ ਇਹ ਕਾਰਜ ਅੱਗੇ ਵੀ ਜਾਰੀ ਰਹੇਗਾ ਅਤੇ ਲੋੜਵੰਦ ਮਰੀਜ਼ਾਂ ਦੀ ਹਰ ਸੰਭਵ ਮਦਦ ਕੀਤੀ ਜਾਵੇਗੀ।
ਪਿੰਡ ਵਡੂਚੀਵਾਲਾ ਵਿਖੇ ਅੱਖਾਂ ਦਾ ਮੁਫ਼ਤ ਚੈੱਕਅੱਪ ਲਗਾਇਆ ਗਿਆ
ਅੱਖਾਂ ਸਰੀਰ ਦਾ ਕੀਮਤੀ ਅੰਗ ਹਨ ਇਸਦੀ ਸੰਭਾਲ ਦੀ ਬਹੁਤ ਜ਼ਿਆਦਾ ਜ਼ਰੂਰਤ : ਡਾ. ਪਾਹੁਲ ਗੁਪਤਾ
ਅੱਖਾਂ ਦੇ ਕੈਂਪ ਦੌਰਾਨ ਮਰੀਜ਼ਾਂ ਦੀ ਜਾਂਚ ਕਰਦੇ ਡਾਕਟਰ।
ਦੀਨਾ,15 ਜੂਨ (ਪਹਿਰੇਦਾਰ)- ਪਿੰਡ ਵਿਖੇ ਸਮਾਜ ਸੇਵੀ ਸੰਸਥਾ ਦੇ ਸਹਿਯੋਗ ਨਾਲ ਅੱਖਾਂ ਦਾ ਮੁਫ਼ਤ ਚੈੱਕਅੱਪ ਕੈਂਪ ਲਗਾਇਆ ਗਿਆ। ਕੈਂਪ ਦੌਰਾਨ ਸੈਂਕੜੇ ਮਰੀਜ਼ਾਂ ਦੀਆਂ ਅੱਖਾਂ ਦੀ ਜਾਂਚ ਕੀਤੀ ਗਈ ਅਤੇ ਮੁਫ਼ਤ ਦਵਾਈਆਂ ਤੇ ਐਨਕਾਂ ਵੰਡੀਆਂ ਗਈਆਂ। ਮਾਹਿਰ ਡਾਕਟਰਾਂ ਨੇ ਦੱਸਿਆ ਕਿ ਓਪਰੇਸ਼ਨ ਦੀ ਲੋੜ ਵਾਲੇ ਮਰੀਜ਼ਾਂ ਨੂੰ ਹਸਪਤਾਲ ਵਿੱਚ ਮੁਫ਼ਤ ਓਪਰੇਸ਼ਨ ਦੀ ਸਹੂਲਤ ਦਿੱਤੀ ਜਾਵੇਗੀ। ਪਿੰਡ ਵਾਸੀਆਂ ਨੇ ਇਸ ਉਪਰਾਲੇ ਦੀ ਸ਼ਲਾਘਾ ਕੀਤੀ।
